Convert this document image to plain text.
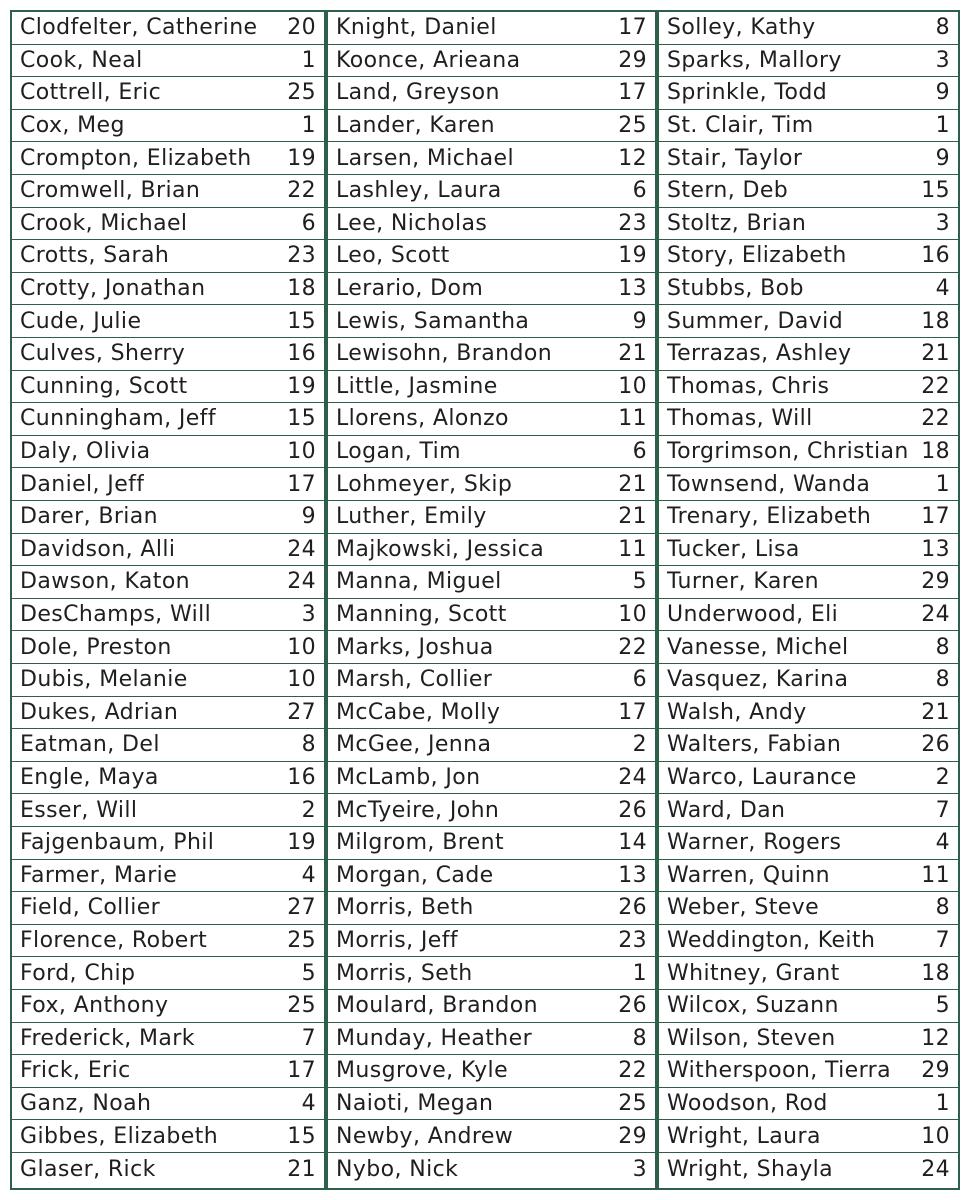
Clodfelter, Catherine 20
Cook, Neal	1
Cottrell, Eric	25
Cox, Meg	1
Crompton, Elizabeth 19
Cromwell, Brian	22
Crook, Michael	6
Crotts, Sarah	23
Crotty, Jonathan	18
Cude, Julie	15
Culves, Sherry	16
Cunning, Scott	19
Cunningham, Jeff	15
Daly, Olivia	10
Daniel, Jeff	17
Darer, Brian	9
Davidson, Alli	24
Dawson, Katon	24
DesChamps, Will	3
Dole, Preston	10
Dubis, Melanie	10
Dukes, Adrian	27
Eatman, Del	8
Engle, Maya	16
Esser, Will	2
Fajgenbaum, Phil	19
Farmer, Marie	4
Field, Collier	27
Florence, Robert	25
Ford, Chip	5
Fox, Anthony	25
Frederick, Mark	7
Frick, Eric	17
Ganz, Noah	4
Gibbes, Elizabeth	15
Glaser, Rick	21
Knight, Daniel	17
Koonce, Arieana	29
Land, Greyson	17
Lander, Karen	25
Larsen, Michael	12
Lashley, Laura	6
Lee, Nicholas	23
Leo, Scott	19
Lerario, Dom	13
Lewis, Samantha	9
Lewisohn, Brandon	21
Little, Jasmine	10
Llorens, Alonzo	11
Logan, Tim	6
Lohmeyer, Skip	21
Luther, Emily	21
Majkowski, Jessica	11
Manna, Miguel	5
Manning, Scott	10
Marks, Joshua	22
Marsh, Collier	6
McCabe, Molly	17
McGee, Jenna	2
McLamb, Jon	24
McTyeire, John	26
Milgrom, Brent	14
Morgan, Cade	13
Morris, Beth	26
Morris, Jeff	23
Morris, Seth	1
Moulard, Brandon	26
Munday, Heather	8
Musgrove, Kyle	22
Naioti, Megan	25
Newby, Andrew	29
Nybo, Nick	3
Solley, Kathy	8
Sparks, Mallory	3
Sprinkle, Todd	9
St. Clair, Tim	1
Stair, Taylor	9
Stern, Deb	15
Stoltz, Brian	3
Story, Elizabeth	16
Stubbs, Bob	4
Summer, David	18
Terrazas, Ashley	21
Thomas, Chris	22
Thomas, Will	22
Torgrimson, Christian 18
Townsend, Wanda	1
Trenary, Elizabeth 17
Tucker, Lisa	13
Turner, Karen	29
Underwood, Eli	24
Vanesse, Michel	8
Vasquez, Karina	8
Walsh, Andy	21
Walters, Fabian	26
Warco, Laurance	2
Ward, Dan	7
Warner, Rogers	4
Warren, Quinn	11
Weber, Steve	8
Weddington, Keith	7
Whitney, Grant	18
Wilcox, Suzann	5
Wilson, Steven	12
Witherspoon, Tierra 29
Woodson, Rod	1
Wright, Laura	10
Wright, Shayla	24
